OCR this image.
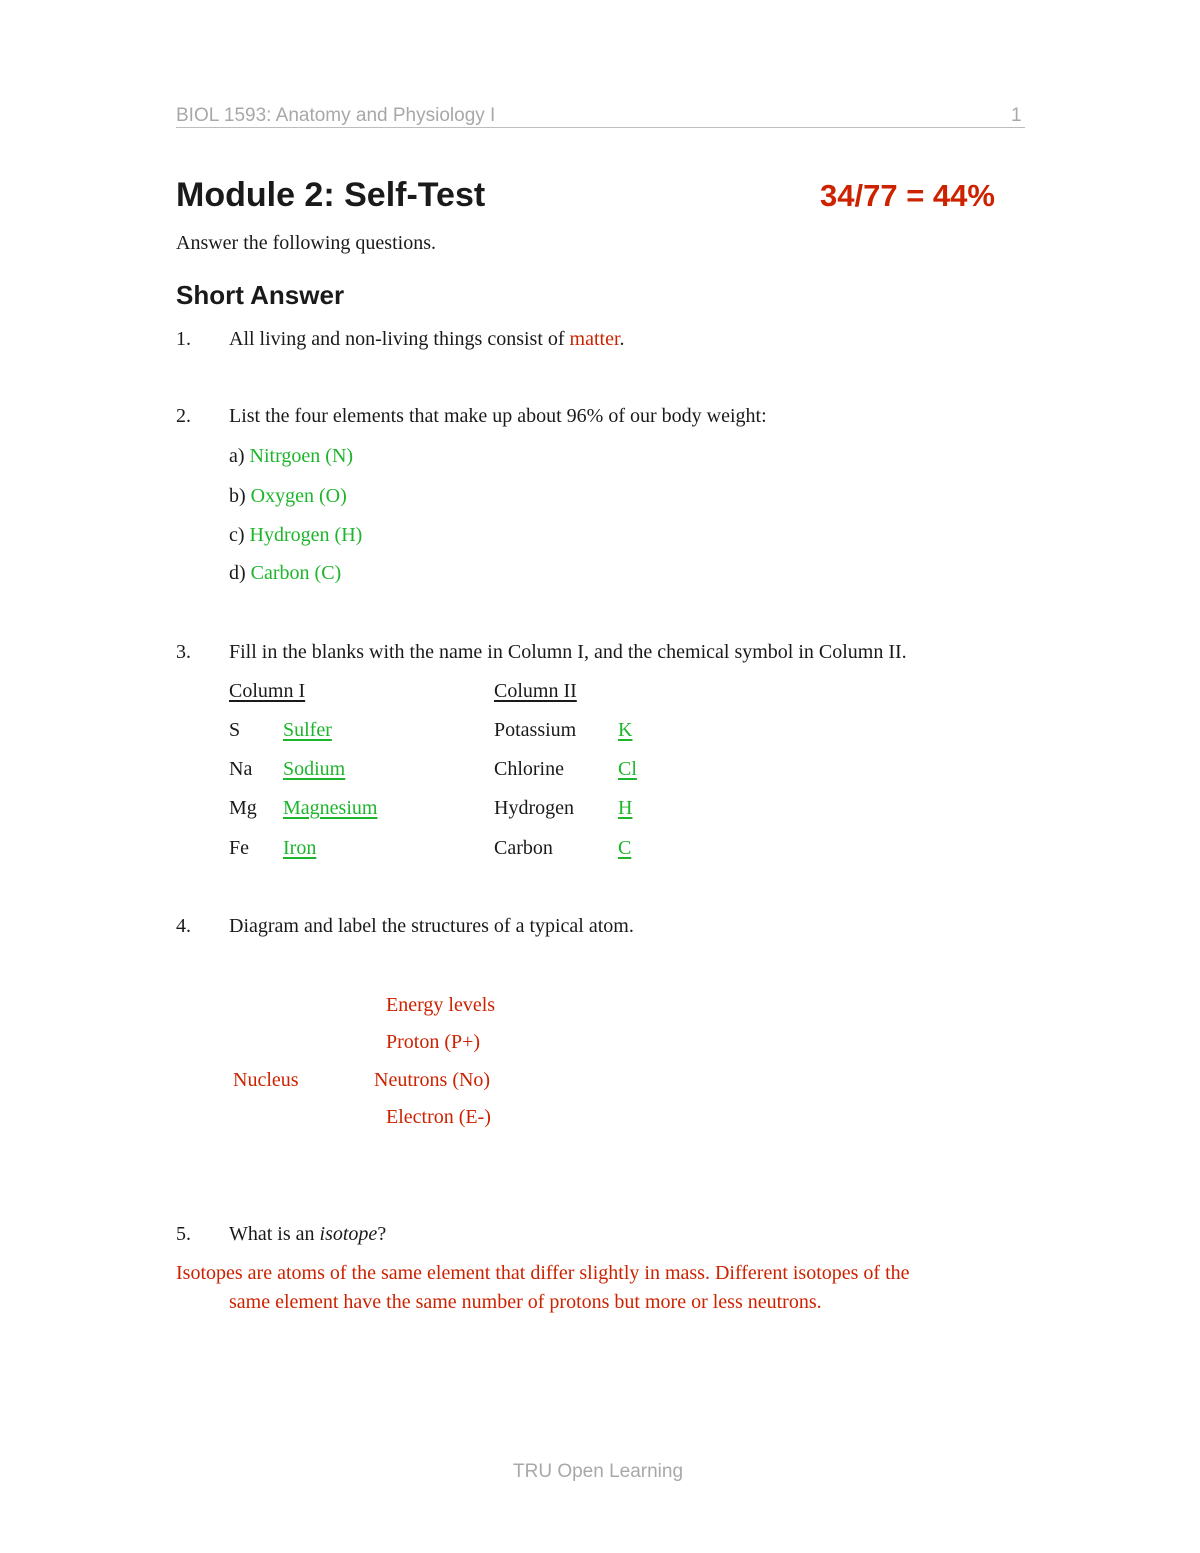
BIOL 1593: Anatomy and Physiology I	1
Module 2: Self-Test	34/77 = 44%
Answer the following questions.
Short Answer
1. All living and non-living things consist of matter.
2. List the four elements that make up about 96% of our body weight:
a) Nitrgoen (N)
b) Oxygen (O)
c) Hydrogen (H)
d) Carbon (C)
3. Fill in the blanks with the name in Column I, and the chemical symbol in Column II.
Column I	Column II
S Sulfer	Potassium K
Na Sodium	Chlorine	Cl
Mg Magnesium	Hydrogen H
Fe Iron	Carbon	C
4. Diagram and label the structures of a typical atom.
Energy levels
Proton (P+)
Nucleus	Neutrons (No)
Electron (E-)
5. What is an isotope?
Isotopes are atoms of the same element that differ slightly in mass. Different isotopes of the
same element have the same number of protons but more or less neutrons.
TRU Open Learning
